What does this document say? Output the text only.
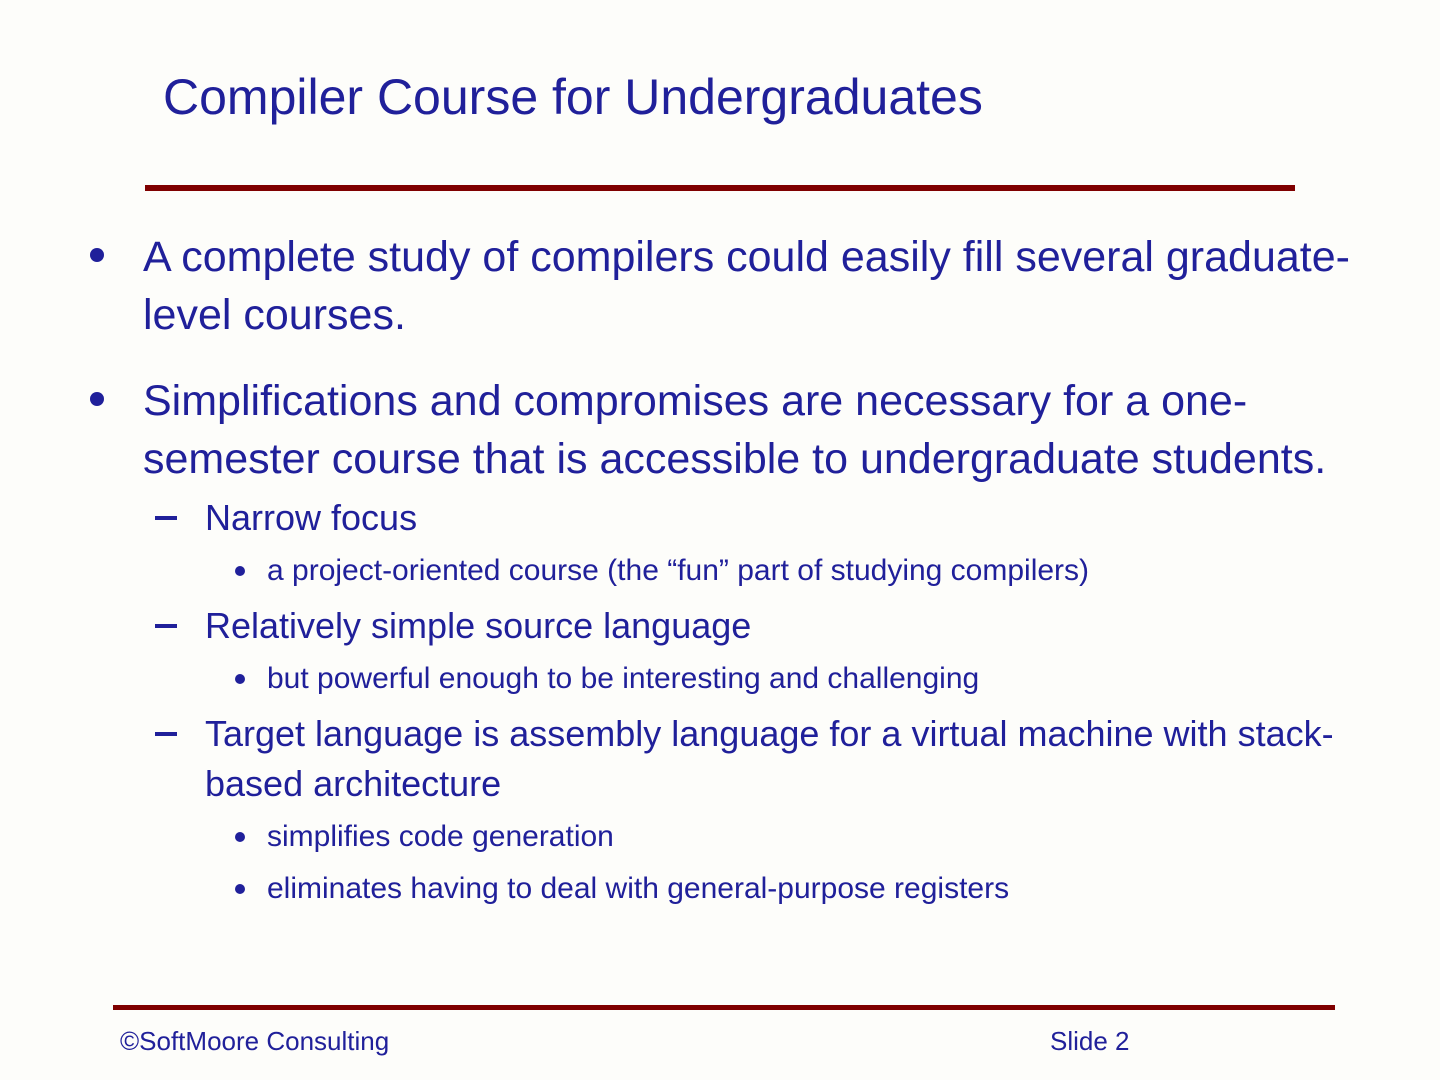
Compiler Course for Undergraduates
A complete study of compilers could easily fill several graduate-level courses.
Simplifications and compromises are necessary for a one-semester course that is accessible to undergraduate students.
Narrow focus
a project-oriented course (the “fun” part of studying compilers)
Relatively simple source language
but powerful enough to be interesting and challenging
Target language is assembly language for a virtual machine with stack-based architecture
simplifies code generation
eliminates having to deal with general-purpose registers
©SoftMoore Consulting	Slide 2
